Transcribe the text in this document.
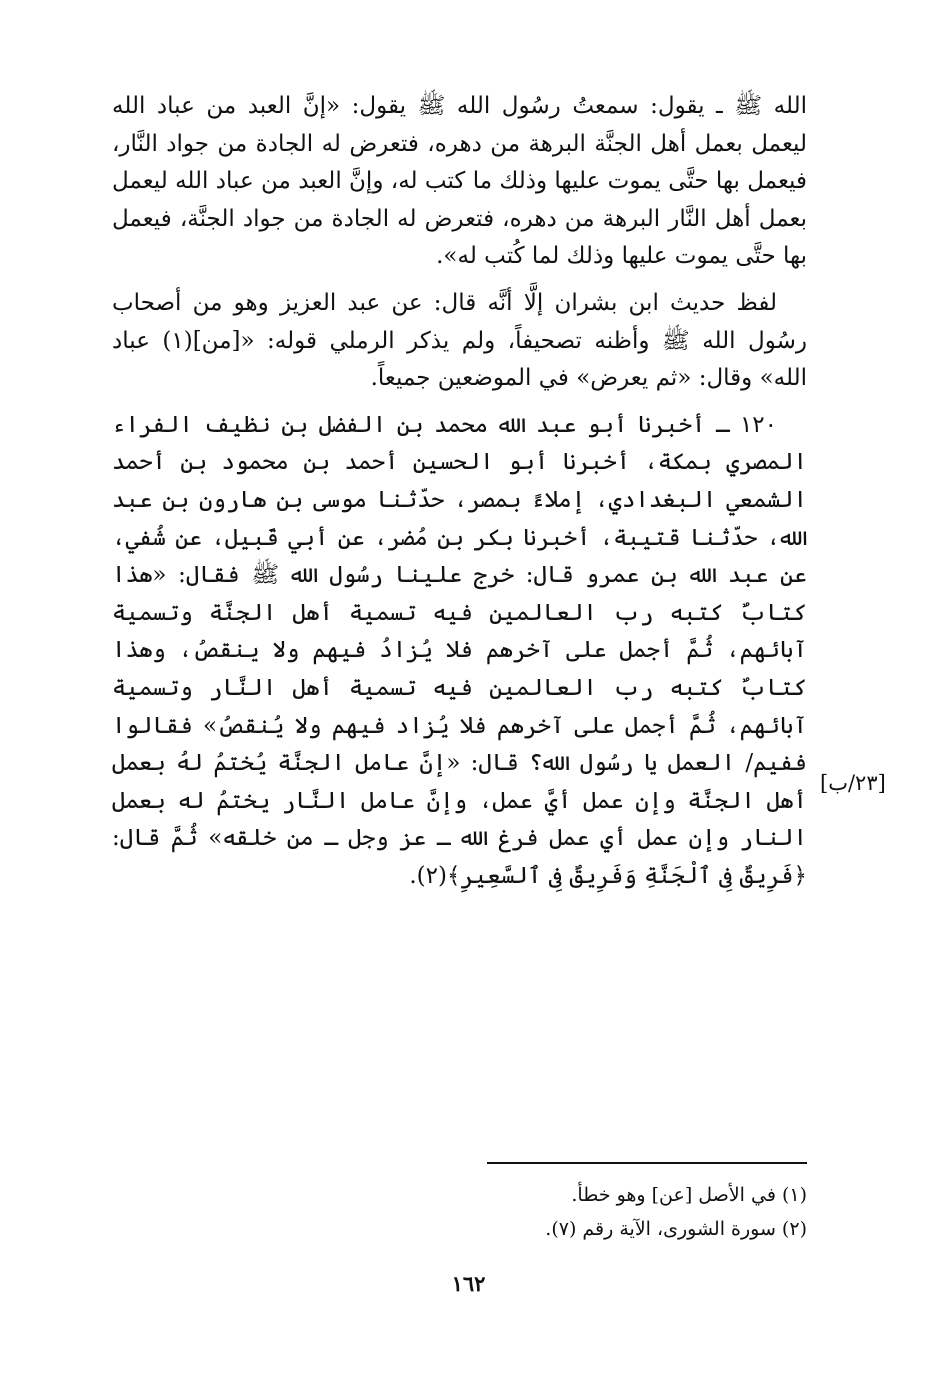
الله ﷺ ـ يقول: سمعتُ رسُول الله ﷺ يقول: «إنَّ العبد من عباد الله ليعمل بعمل أهل الجنَّة البرهة من دهره، فتعرض له الجادة من جواد النَّار، فيعمل بها حتَّى يموت عليها وذلك ما كتب له، وإنَّ العبد من عباد الله ليعمل بعمل أهل النَّار البرهة من دهره، فتعرض له الجادة من جواد الجنَّة، فيعمل بها حتَّى يموت عليها وذلك لما كُتب له».

لفظ حديث ابن بشران إلَّا أنَّه قال: عن عبد العزيز وهو من أصحاب رسُول الله ﷺ وأظنه تصحيفاً، ولم يذكر الرملي قوله: «[من](١) عباد الله» وقال: «ثم يعرض» في الموضعين جميعاً.

١٢٠ ـ أخبرنا أبو عبد الله محمد بن الفضل بن نظيف الفراء المصري بمكة، أخبرنا أبو الحسين أحمد بن محمود بن أحمد الشمعي البغدادي، إملاءً بمصر، حدّثنا موسى بن هارون بن عبد الله، حدّثنا قتيبة، أخبرنا بكر بن مُضر، عن أبي قَبيل، عن شُفي، عن عبد الله بن عمرو قال: خرج علينا رسُول الله ﷺ فقال: «هذا كتابٌ كتبه رب العالمين فيه تسمية أهل الجنَّة وتسمية آبائهم، ثُمَّ أجمل على آخرهم فلا يُزادُ فيهم ولا ينقصُ، وهذا كتابٌ كتبه رب العالمين فيه تسمية أهل النَّار وتسمية آبائهم، ثُمَّ أجمل على آخرهم فلا يُزاد فيهم ولا يُنقصُ» فقالوا ففيم/ العمل يا رسُول الله؟ قال: «إنَّ عامل الجنَّة يُختمُ لهُ بعمل أهل الجنَّة وإن عمل أيَّ عمل، وإنَّ عامل النَّار يختمُ له بعمل النار وإن عمل أي عمل فرغ الله ـ عز وجل ـ من خلقه» ثُمَّ قال: ﴿فَرِيقٌ فِى ٱلْجَنَّةِ وَفَرِيقٌ فِى ٱلسَّعِيرِ﴾(٢).

[٢٣/ب]

(١) في الأصل [عن] وهو خطأ.

(٢) سورة الشورى، الآية رقم (٧).

١٦٢
